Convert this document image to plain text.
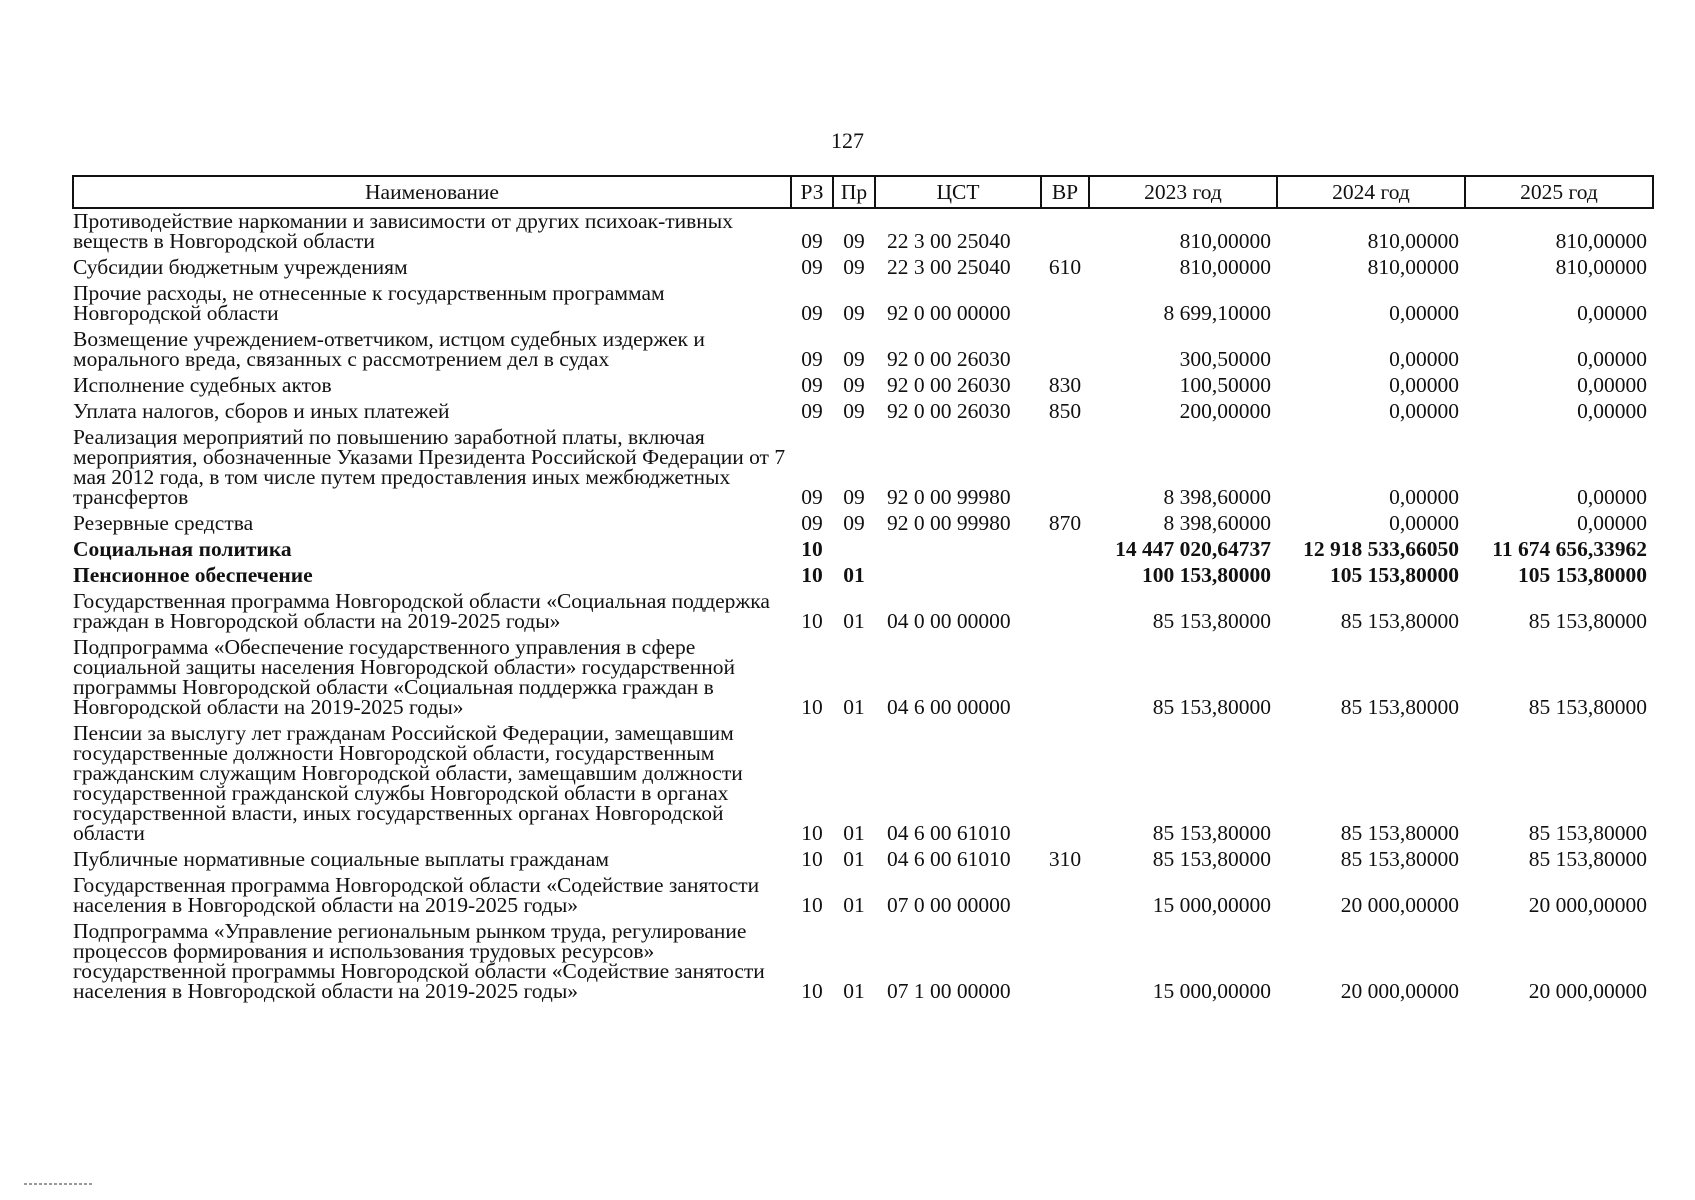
127
Наименование	РЗ	Пр	ЦСТ	ВР	2023 год	2024 год	2025 год
Противодействие наркомании и зависимости от других психоак-тивных веществ в Новгородской области	09	09	22 3 00 25040		810,00000	810,00000	810,00000
Субсидии бюджетным учреждениям	09	09	22 3 00 25040	610	810,00000	810,00000	810,00000
Прочие расходы, не отнесенные к государственным программам Новгородской области	09	09	92 0 00 00000		8 699,10000	0,00000	0,00000
Возмещение учреждением-ответчиком, истцом судебных издержек и морального вреда, связанных с рассмотрением дел в судах	09	09	92 0 00 26030		300,50000	0,00000	0,00000
Исполнение судебных актов	09	09	92 0 00 26030	830	100,50000	0,00000	0,00000
Уплата налогов, сборов и иных платежей	09	09	92 0 00 26030	850	200,00000	0,00000	0,00000
Реализация мероприятий по повышению заработной платы, включая мероприятия, обозначенные Указами Президента Российской Федерации от 7 мая 2012 года, в том числе путем предоставления иных межбюджетных трансфертов	09	09	92 0 00 99980		8 398,60000	0,00000	0,00000
Резервные средства	09	09	92 0 00 99980	870	8 398,60000	0,00000	0,00000
Социальная политика	10				14 447 020,64737	12 918 533,66050	11 674 656,33962
Пенсионное обеспечение	10	01			100 153,80000	105 153,80000	105 153,80000
Государственная программа Новгородской области «Социальная поддержка граждан в Новгородской области на 2019-2025 годы»	10	01	04 0 00 00000		85 153,80000	85 153,80000	85 153,80000
Подпрограмма «Обеспечение государственного управления в сфере социальной защиты населения Новгородской области» государственной программы Новгородской области «Социальная поддержка граждан в Новгородской области на 2019-2025 годы»	10	01	04 6 00 00000		85 153,80000	85 153,80000	85 153,80000
Пенсии за выслугу лет гражданам Российской Федерации, замещавшим государственные должности Новгородской области, государственным гражданским служащим Новгородской области, замещавшим должности государственной гражданской службы Новгородской области в органах государственной власти, иных государственных органах Новгородской области	10	01	04 6 00 61010		85 153,80000	85 153,80000	85 153,80000
Публичные нормативные социальные выплаты гражданам	10	01	04 6 00 61010	310	85 153,80000	85 153,80000	85 153,80000
Государственная программа Новгородской области «Содействие занятости населения в Новгородской области на 2019-2025 годы»	10	01	07 0 00 00000		15 000,00000	20 000,00000	20 000,00000
Подпрограмма «Управление региональным рынком труда, регулирование процессов формирования и использования трудовых ресурсов» государственной программы Новгородской области «Содействие занятости населения в Новгородской области на 2019-2025 годы»	10	01	07 1 00 00000		15 000,00000	20 000,00000	20 000,00000
